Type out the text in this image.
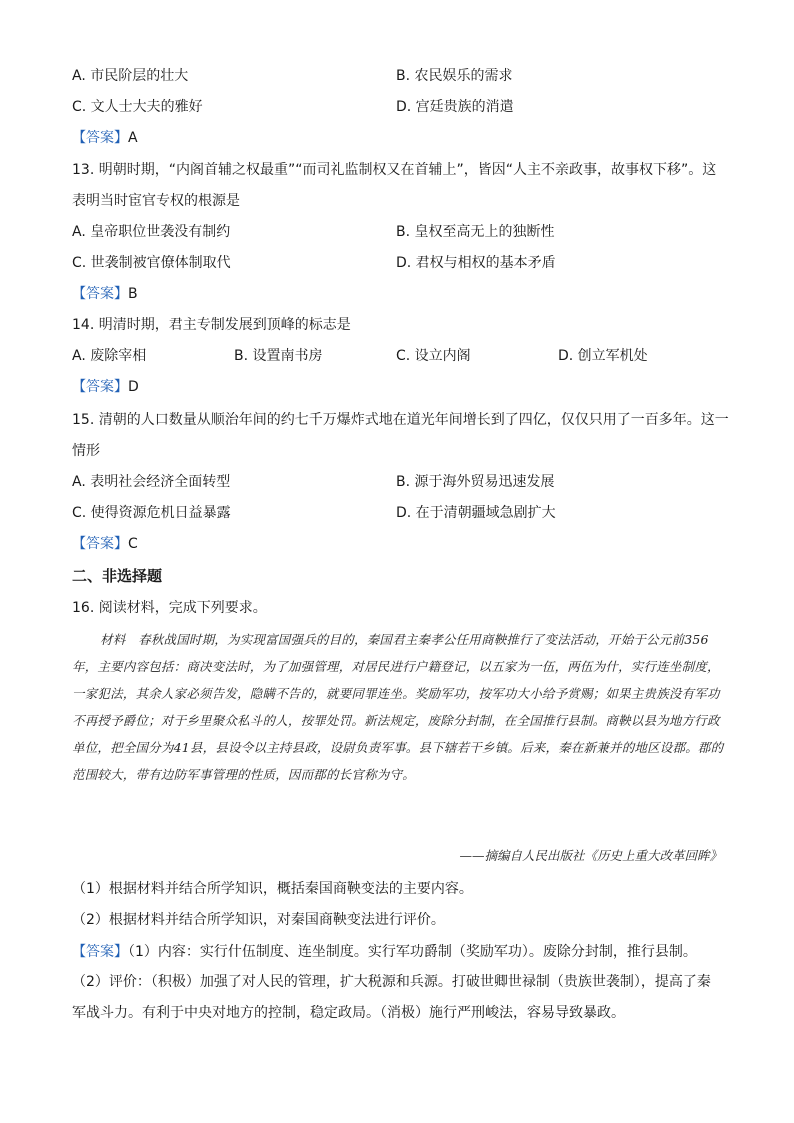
A. 市民阶层的壮大	B. 农民娱乐的需求
C. 文人士大夫的雅好	D. 宫廷贵族的消遣
【答案】A
13. 明朝时期，“内阁首辅之权最重”“而司礼监制权又在首辅上”，皆因“人主不亲政事，故事权下移”。这
表明当时宦官专权的根源是
A. 皇帝职位世袭没有制约	B. 皇权至高无上的独断性
C. 世袭制被官僚体制取代	D. 君权与相权的基本矛盾
【答案】B
14. 明清时期，君主专制发展到顶峰的标志是
A. 废除宰相	B. 设置南书房	C. 设立内阁	D. 创立军机处
【答案】D
15. 清朝的人口数量从顺治年间的约七千万爆炸式地在道光年间增长到了四亿，仅仅只用了一百多年。这一
情形
A. 表明社会经济全面转型	B. 源于海外贸易迅速发展
C. 使得资源危机日益暴露	D. 在于清朝疆域急剧扩大
【答案】C
二、非选择题
16. 阅读材料，完成下列要求。
材料　春秋战国时期，为实现富国强兵的目的，秦国君主秦孝公任用商鞅推行了变法活动，开始于公元前356年，主要内容包括：商决变法时，为了加强管理，对居民进行户籍登记，以五家为一伍，两伍为什，实行连坐制度，一家犯法，其余人家必须告发，隐瞒不告的，就要同罪连坐。奖励军功，按军功大小给予赏赐；如果主贵族没有军功不再授予爵位；对于乡里聚众私斗的人，按罪处罚。新法规定，废除分封制，在全国推行县制。商鞅以县为地方行政单位，把全国分为41县，县设令以主持县政，设尉负责军事。县下辖若干乡镇。后来，秦在新兼并的地区设郡。郡的范围较大，带有边防军事管理的性质，因而郡的长官称为守。
——摘编自人民出版社《历史上重大改革回眸》
（1）根据材料并结合所学知识，概括秦国商鞅变法的主要内容。
（2）根据材料并结合所学知识，对秦国商鞅变法进行评价。
【答案】（1）内容：实行什伍制度、连坐制度。实行军功爵制（奖励军功）。废除分封制，推行县制。
（2）评价：（积极）加强了对人民的管理，扩大税源和兵源。打破世卿世禄制（贵族世袭制），提高了秦军战斗力。有利于中央对地方的控制，稳定政局。（消极）施行严刑峻法，容易导致暴政。
